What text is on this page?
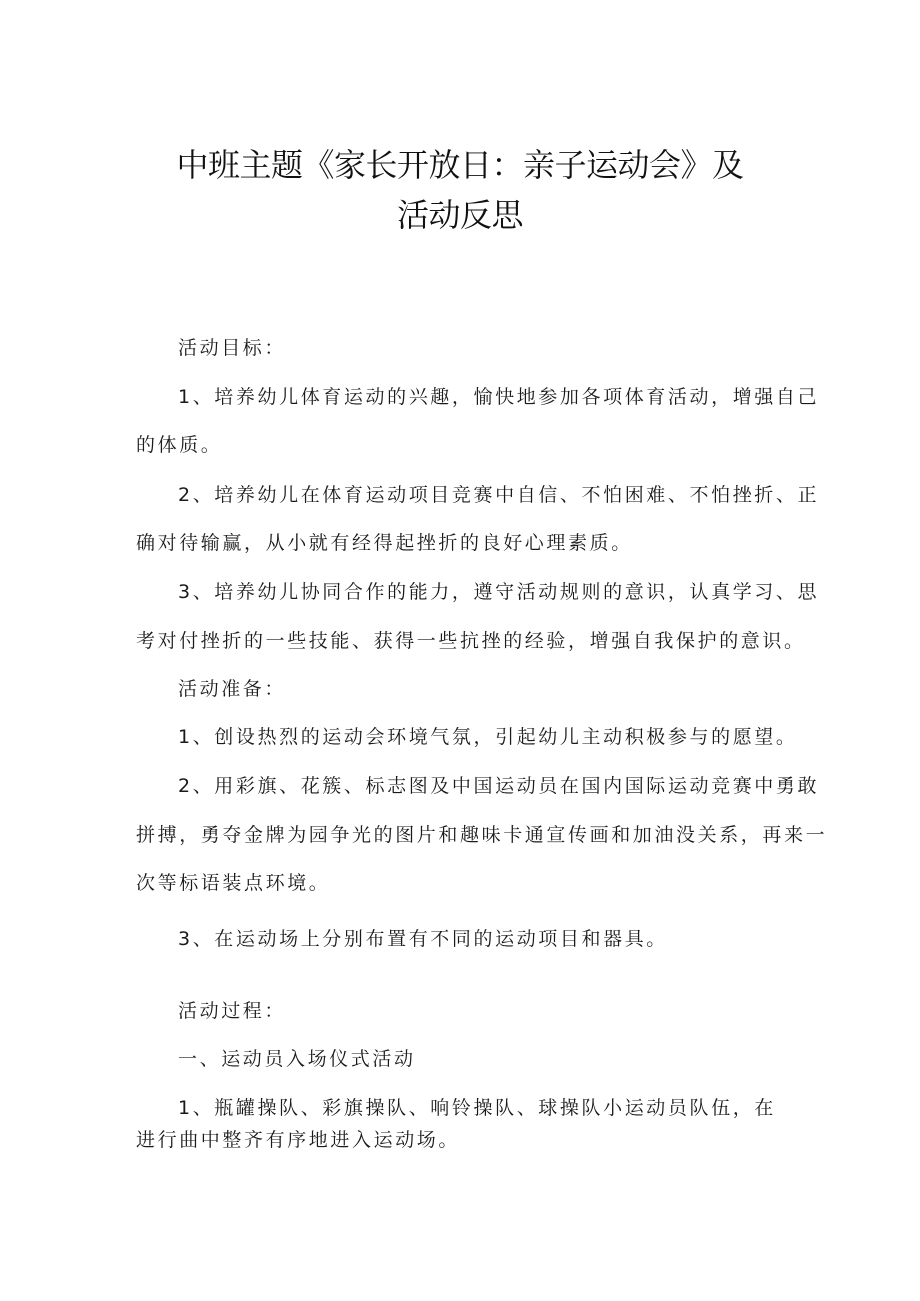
中班主题《家长开放日：亲子运动会》及
活动反思
活动目标：
1、培养幼儿体育运动的兴趣，愉快地参加各项体育活动，增强自己
的体质。
2、培养幼儿在体育运动项目竞赛中自信、不怕困难、不怕挫折、正
确对待输赢，从小就有经得起挫折的良好心理素质。
3、培养幼儿协同合作的能力，遵守活动规则的意识，认真学习、思
考对付挫折的一些技能、获得一些抗挫的经验，增强自我保护的意识。
活动准备：
1、创设热烈的运动会环境气氛，引起幼儿主动积极参与的愿望。
2、用彩旗、花簇、标志图及中国运动员在国内国际运动竞赛中勇敢
拼搏，勇夺金牌为园争光的图片和趣味卡通宣传画和加油没关系，再来一
次等标语装点环境。
3、在运动场上分别布置有不同的运动项目和器具。
活动过程：
一、运动员入场仪式活动
1、瓶罐操队、彩旗操队、响铃操队、球操队小运动员队伍，在
进行曲中整齐有序地进入运动场。
